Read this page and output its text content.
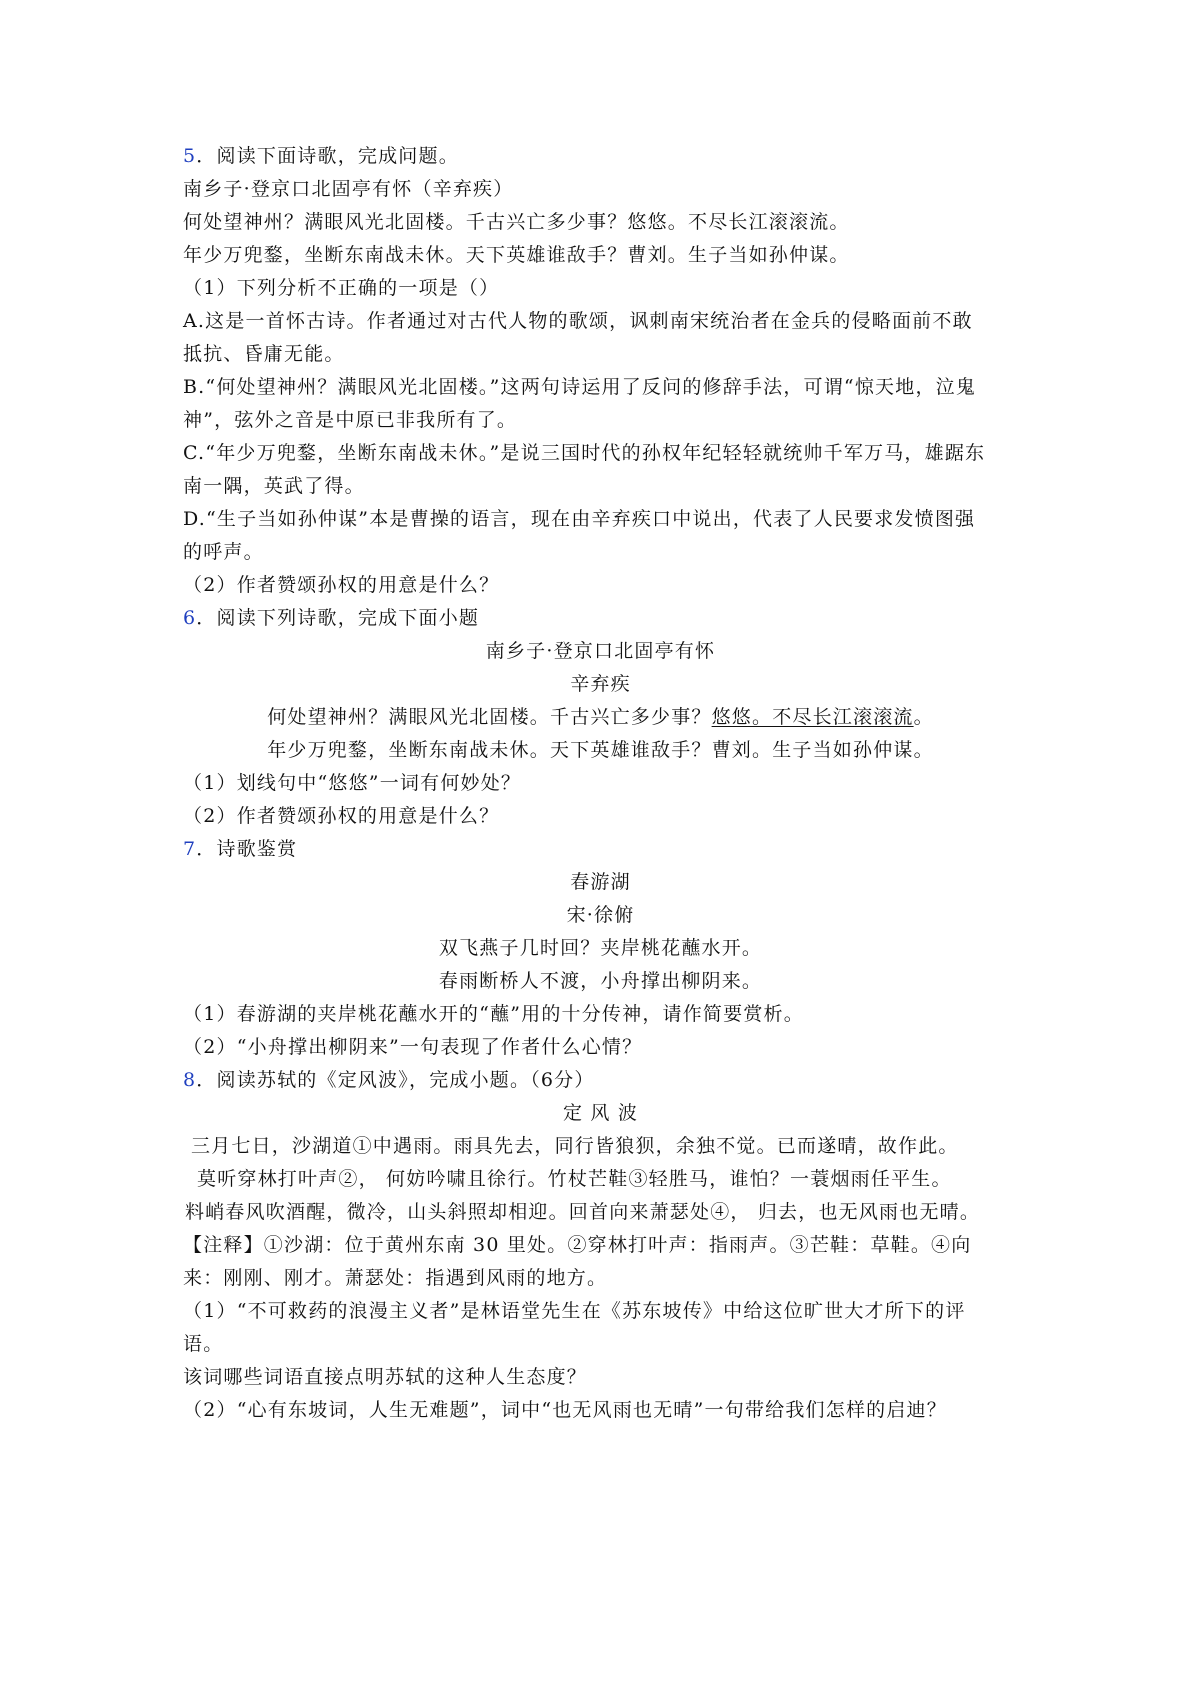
5．阅读下面诗歌，完成问题。
南乡子·登京口北固亭有怀（辛弃疾）
何处望神州？满眼风光北固楼。千古兴亡多少事？悠悠。不尽长江滚滚流。
年少万兜鍪，坐断东南战未休。天下英雄谁敌手？曹刘。生子当如孙仲谋。
（1）下列分析不正确的一项是（）
A.这是一首怀古诗。作者通过对古代人物的歌颂，讽刺南宋统治者在金兵的侵略面前不敢
抵抗、昏庸无能。
B.“何处望神州？满眼风光北固楼。”这两句诗运用了反问的修辞手法，可谓“惊天地，泣鬼
神”，弦外之音是中原已非我所有了。
C.“年少万兜鍪，坐断东南战未休。”是说三国时代的孙权年纪轻轻就统帅千军万马，雄踞东
南一隅，英武了得。
D.“生子当如孙仲谋”本是曹操的语言，现在由辛弃疾口中说出，代表了人民要求发愤图强
的呼声。
（2）作者赞颂孙权的用意是什么？
6．阅读下列诗歌，完成下面小题
南乡子·登京口北固亭有怀
辛弃疾
何处望神州？满眼风光北固楼。千古兴亡多少事？悠悠。不尽长江滚滚流。
年少万兜鍪，坐断东南战未休。天下英雄谁敌手？曹刘。生子当如孙仲谋。
（1）划线句中“悠悠”一词有何妙处？
（2）作者赞颂孙权的用意是什么？
7．诗歌鉴赏
春游湖
宋·徐俯
双飞燕子几时回？夹岸桃花蘸水开。
春雨断桥人不渡，小舟撑出柳阴来。
（1）春游湖的夹岸桃花蘸水开的“蘸”用的十分传神，请作简要赏析。
（2）“小舟撑出柳阴来”一句表现了作者什么心情？
8．阅读苏轼的《定风波》，完成小题。（6分）
定 风 波
三月七日，沙湖道①中遇雨。雨具先去，同行皆狼狈，余独不觉。已而遂晴，故作此。
莫听穿林打叶声②， 何妨吟啸且徐行。竹杖芒鞋③轻胜马，谁怕？一蓑烟雨任平生。
料峭春风吹酒醒，微冷，山头斜照却相迎。回首向来萧瑟处④， 归去，也无风雨也无晴。
【注释】①沙湖：位于黄州东南 30 里处。②穿林打叶声：指雨声。③芒鞋：草鞋。④向
来：刚刚、刚才。萧瑟处：指遇到风雨的地方。
（1）“不可救药的浪漫主义者”是林语堂先生在《苏东坡传》中给这位旷世大才所下的评
语。
该词哪些词语直接点明苏轼的这种人生态度？
（2）“心有东坡词，人生无难题”，词中“也无风雨也无晴”一句带给我们怎样的启迪？
